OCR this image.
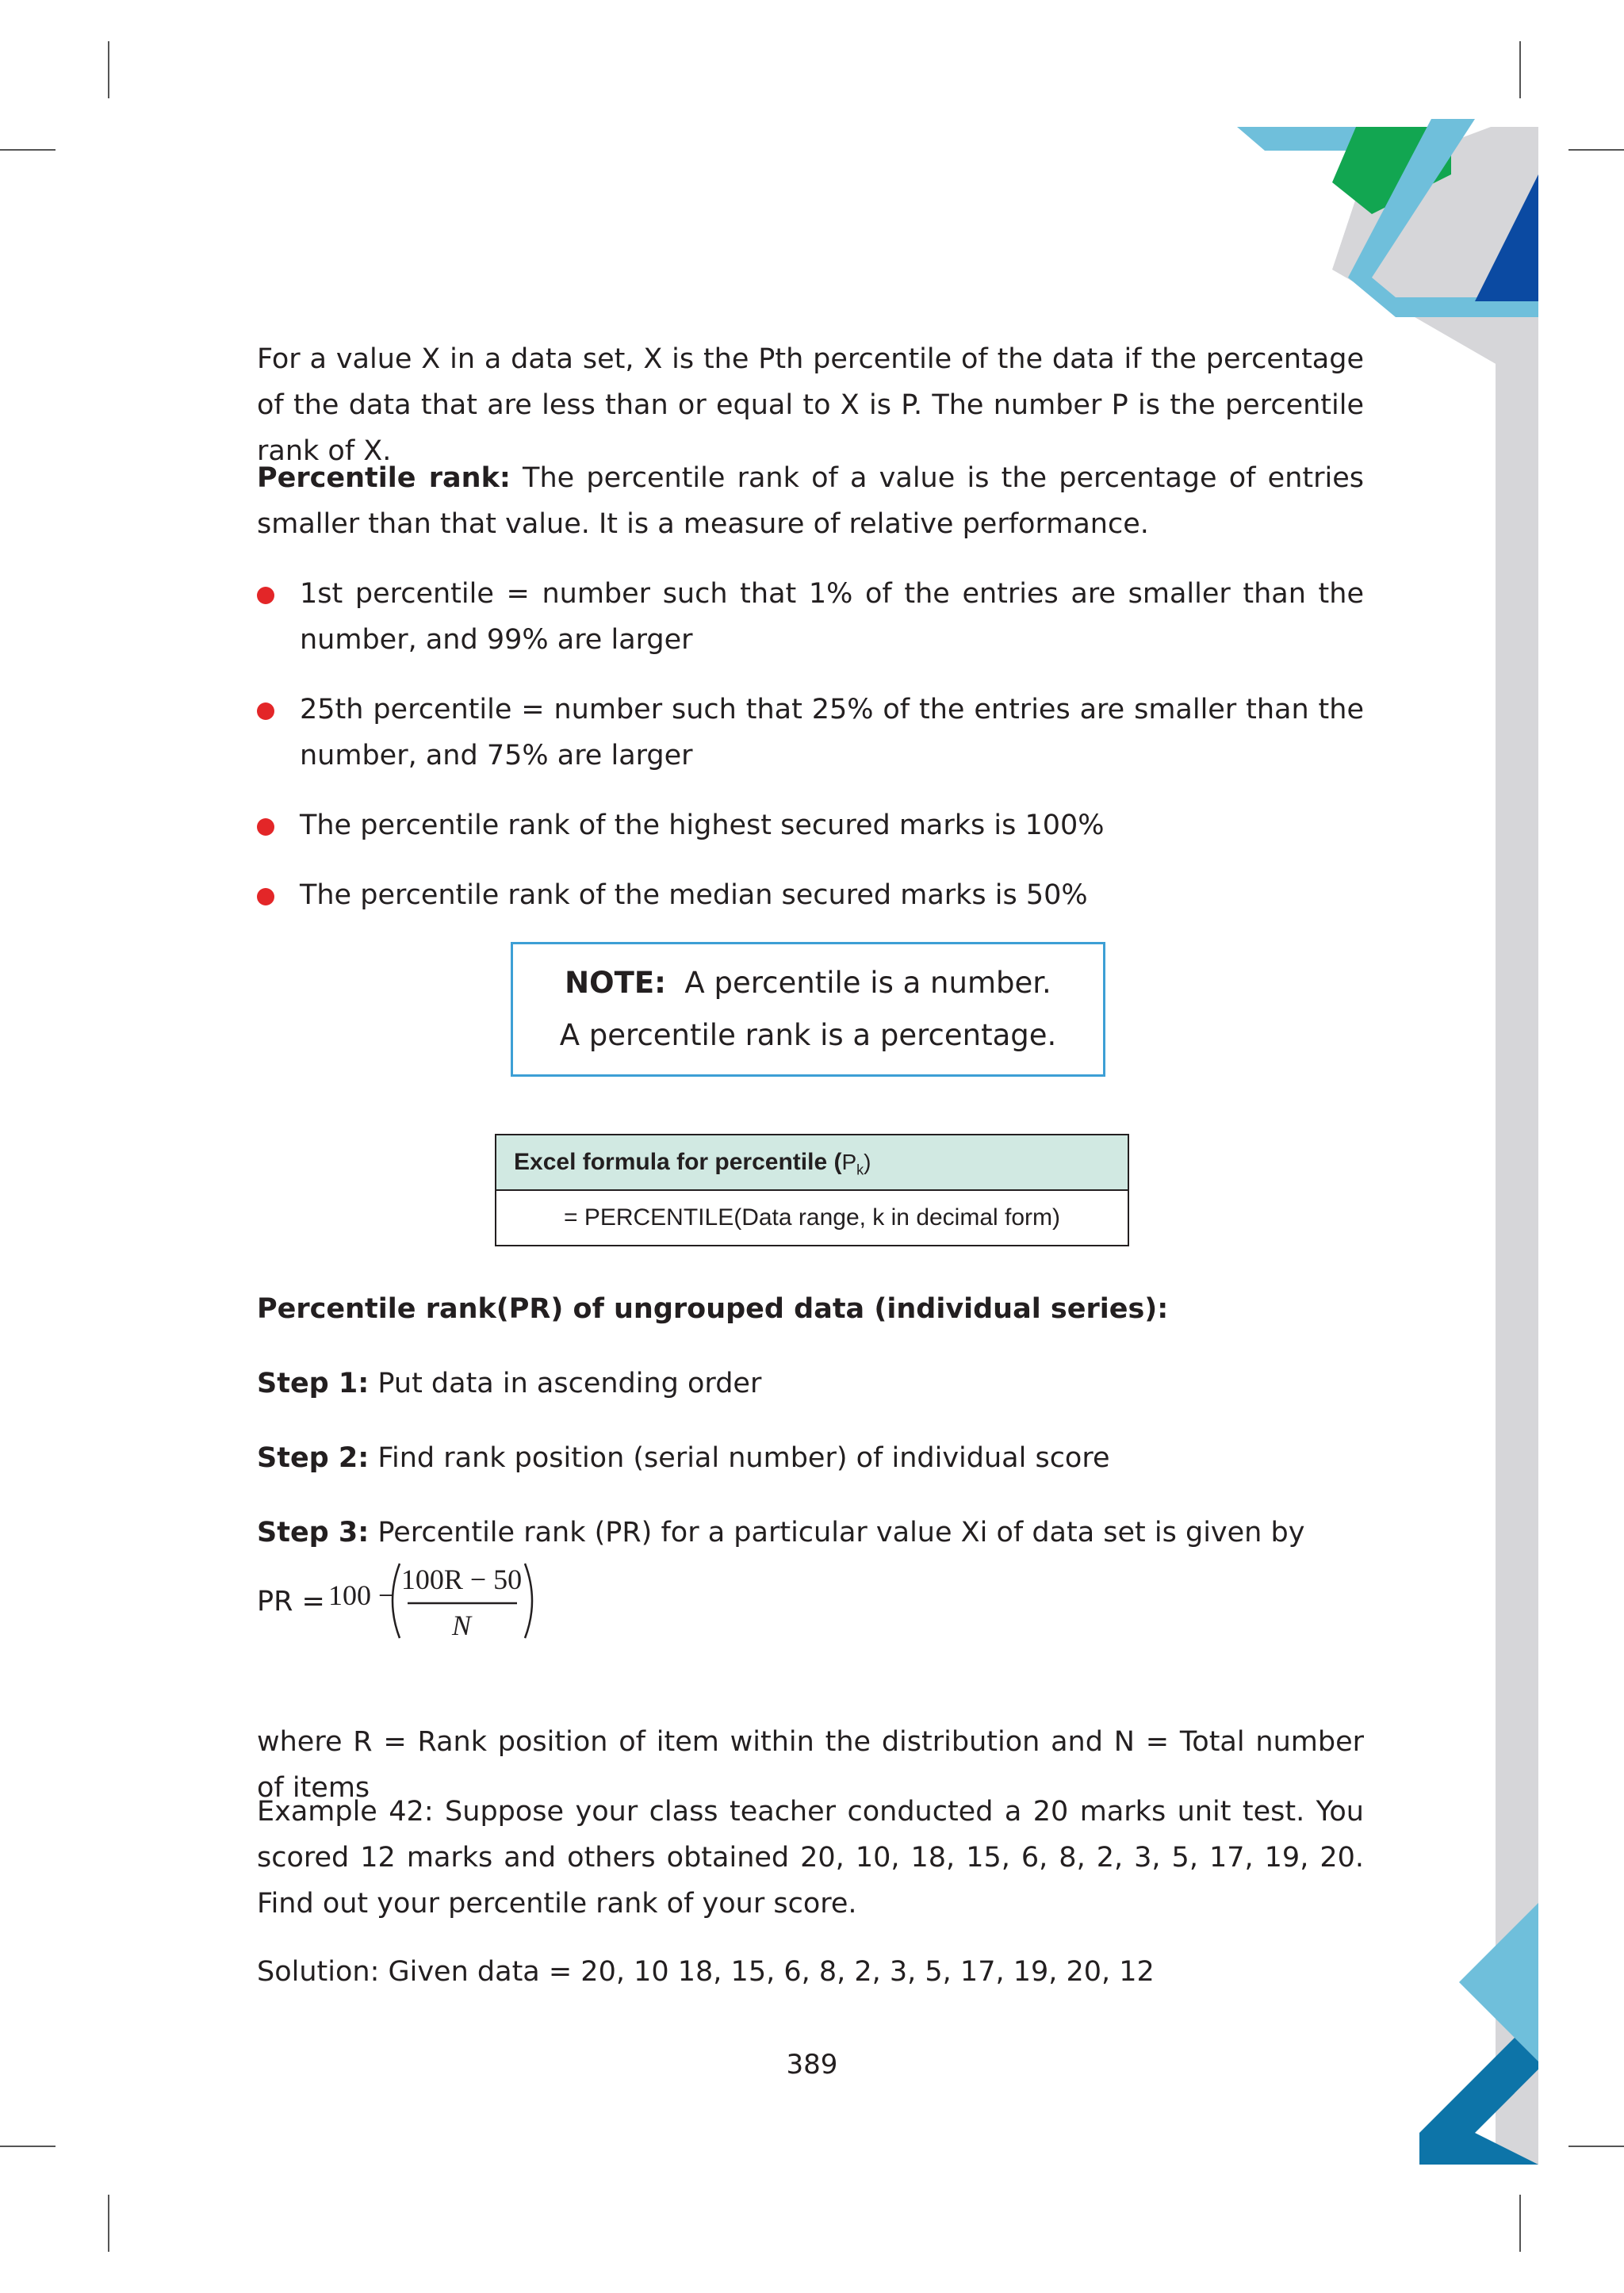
For a value X in a data set, X is the Pth percentile of the data if the percentage of the data that are less than or equal to X is P. The number P is the percentile rank of X.
Percentile rank: The percentile rank of a value is the percentage of entries smaller than that value. It is a measure of relative performance.
1st percentile = number such that 1% of the entries are smaller than the number, and 99% are larger
25th percentile = number such that 25% of the entries are smaller than the number, and 75% are larger
The percentile rank of the highest secured marks is 100%
The percentile rank of the median secured marks is 50%
NOTE: A percentile is a number.
A percentile rank is a percentage.
Excel formula for percentile $(P_k)$
= PERCENTILE(Data range, k in decimal form)
Percentile rank(PR) of ungrouped data (individual series):
Step 1: Put data in ascending order
Step 2: Find rank position (serial number) of individual score
Step 3: Percentile rank (PR) for a particular value Xi of data set is given by
PR = 100 − 100R − 50
N
where R = Rank position of item within the distribution and N = Total number of items
Example 42: Suppose your class teacher conducted a 20 marks unit test. You scored 12 marks and others obtained 20, 10, 18, 15, 6, 8, 2, 3, 5, 17, 19, 20. Find out your percentile rank of your score.
Solution: Given data = 20, 10 18, 15, 6, 8, 2, 3, 5, 17, 19, 20, 12
389
